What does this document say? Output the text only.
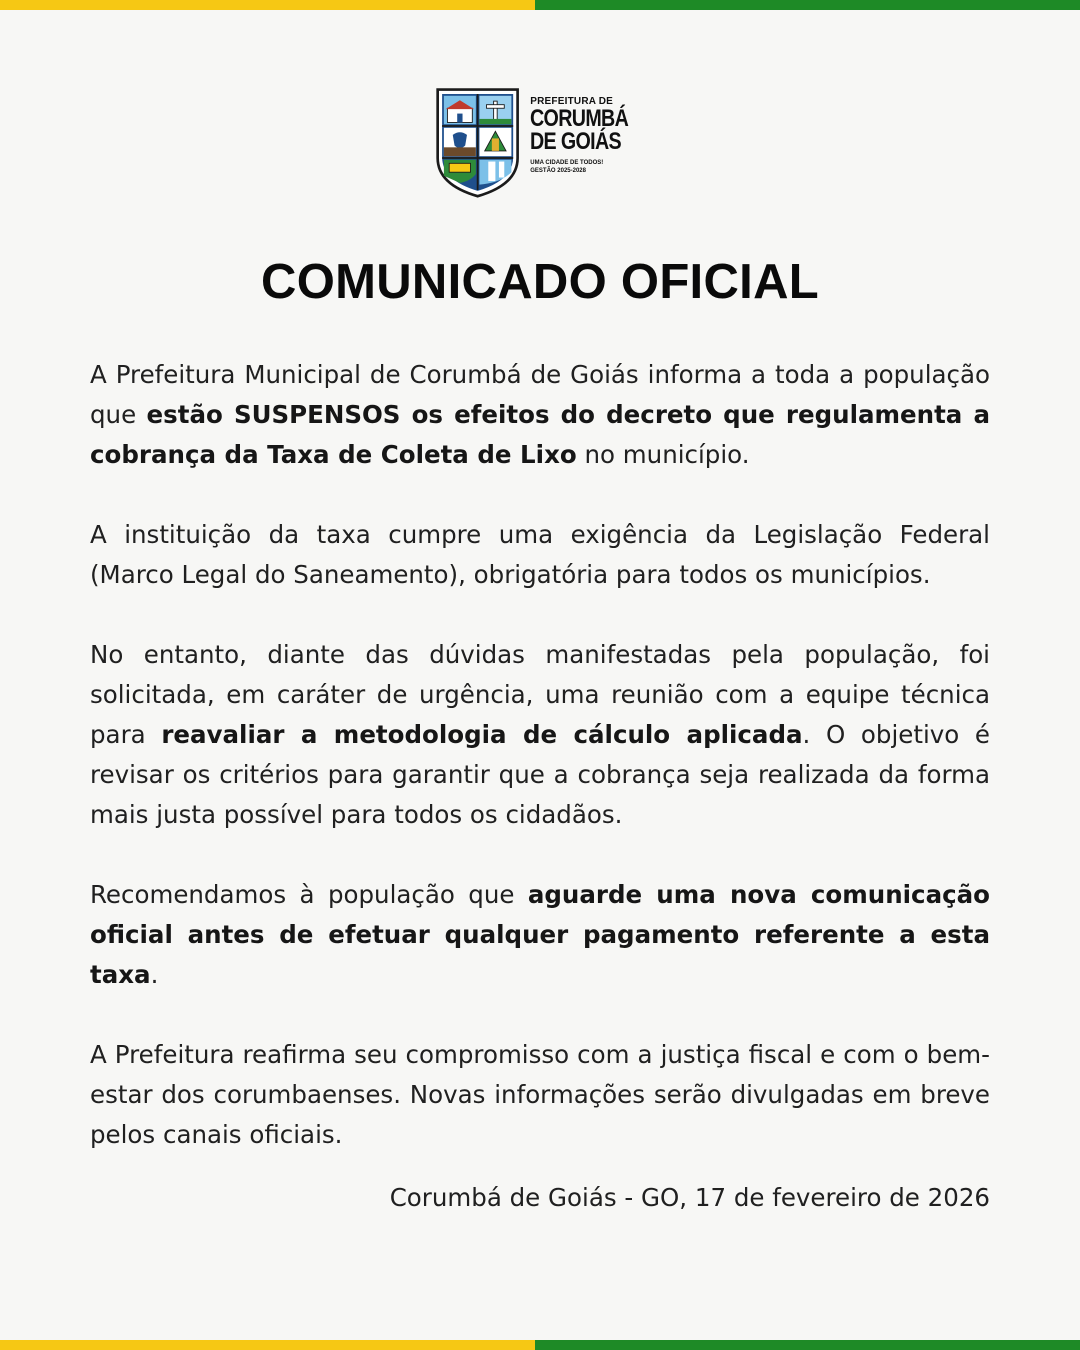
PREFEITURA DE
CORUMBÁ
DE GOIÁS
UMA CIDADE DE TODOS!
GESTÃO 2025-2028
COMUNICADO OFICIAL

A Prefeitura Municipal de Corumbá de Goiás informa a toda a população que estão SUSPENSOS os efeitos do decreto que regulamenta a cobrança da Taxa de Coleta de Lixo no município.

A instituição da taxa cumpre uma exigência da Legislação Federal (Marco Legal do Saneamento), obrigatória para todos os municípios.

No entanto, diante das dúvidas manifestadas pela população, foi solicitada, em caráter de urgência, uma reunião com a equipe técnica para reavaliar a metodologia de cálculo aplicada. O objetivo é revisar os critérios para garantir que a cobrança seja realizada da forma mais justa possível para todos os cidadãos.

Recomendamos à população que aguarde uma nova comunicação oficial antes de efetuar qualquer pagamento referente a esta taxa.

A Prefeitura reafirma seu compromisso com a justiça fiscal e com o bem-estar dos corumbaenses. Novas informações serão divulgadas em breve pelos canais oficiais.

Corumbá de Goiás - GO, 17 de fevereiro de 2026
